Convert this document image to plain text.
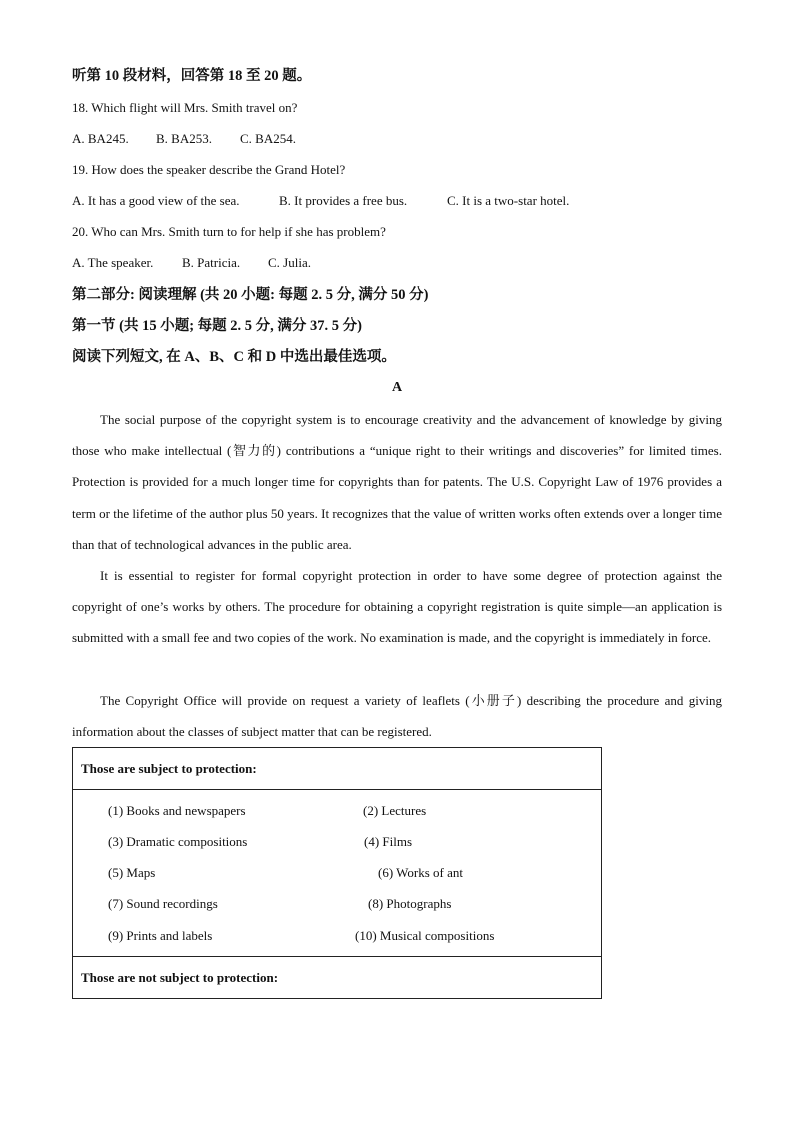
听第 10 段材料，回答第 18 至 20 题。
18. Which flight will Mrs. Smith travel on?
A. BA245. B. BA253. C. BA254.
19. How does the speaker describe the Grand Hotel?
A. It has a good view of the sea.	B. It provides a free bus.	C. It is a two-star hotel.
20. Who can Mrs. Smith turn to for help if she has problem?
A. The speaker. B. Patricia. C. Julia.
第二部分: 阅读理解 (共 20 小题: 每题 2. 5 分, 满分 50 分)
第一节 (共 15 小题; 每题 2. 5 分, 满分 37. 5 分)
阅读下列短文, 在 A、B、C 和 D 中选出最佳选项。
A
The social purpose of the copyright system is to encourage creativity and the advancement of knowledge by giving those who make intellectual (智力的) contributions a “unique right to their writings and discoveries” for limited times. Protection is provided for a much longer time for copyrights than for patents. The U.S. Copyright Law of 1976 provides a term or the lifetime of the author plus 50 years. It recognizes that the value of written works often extends over a longer time than that of technological advances in the public area.
It is essential to register for formal copyright protection in order to have some degree of protection against the copyright of one’s works by others. The procedure for obtaining a copyright registration is quite simple—an application is submitted with a small fee and two copies of the work. No examination is made, and the copyright is immediately in force.
The Copyright Office will provide on request a variety of leaflets (小册子) describing the procedure and giving information about the classes of subject matter that can be registered.
Those are subject to protection:

(1) Books and newspapers	(2) Lectures
(3) Dramatic compositions	(4) Films
(5) Maps	(6) Works of ant
(7) Sound recordings	(8) Photographs
(9) Prints and labels	(10) Musical compositions

Those are not subject to protection:
